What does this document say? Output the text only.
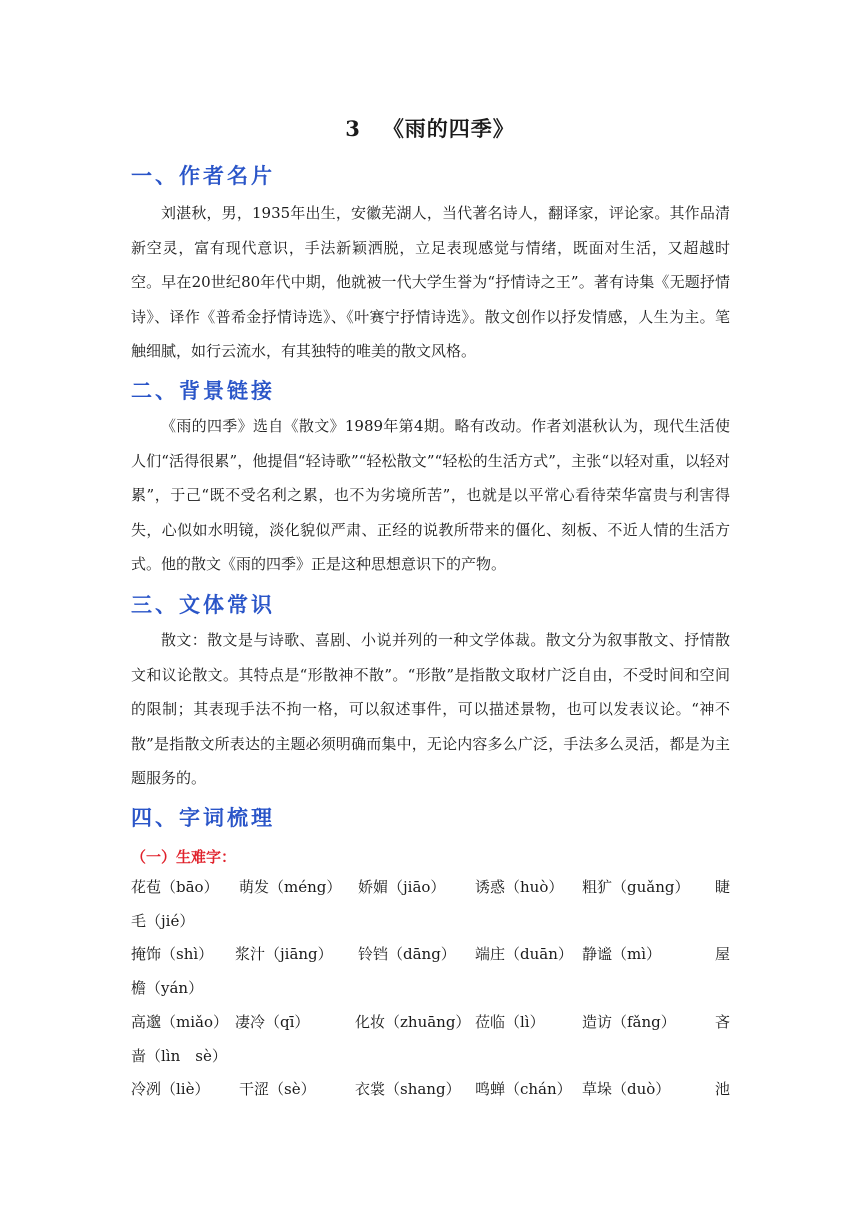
3 《雨的四季》
一、作者名片

刘湛秋，男，1935年出生，安徽芜湖人，当代著名诗人，翻译家，评论家。其作品清新空灵，富有现代意识，手法新颖洒脱，立足表现感觉与情绪，既面对生活，又超越时空。早在20世纪80年代中期，他就被一代大学生誉为“抒情诗之王”。著有诗集《无题抒情诗》、译作《普希金抒情诗选》、《叶赛宁抒情诗选》。散文创作以抒发情感，人生为主。笔触细腻，如行云流水，有其独特的唯美的散文风格。

二、背景链接

《雨的四季》选自《散文》1989年第4期。略有改动。作者刘湛秋认为，现代生活使人们“活得很累”，他提倡“轻诗歌”“轻松散文”“轻松的生活方式”，主张“以轻对重，以轻对累”，于己“既不受名利之累，也不为劣境所苦”，也就是以平常心看待荣华富贵与利害得失，心似如水明镜，淡化貌似严肃、正经的说教所带来的僵化、刻板、不近人情的生活方式。他的散文《雨的四季》正是这种思想意识下的产物。

三、文体常识

散文：散文是与诗歌、喜剧、小说并列的一种文学体裁。散文分为叙事散文、抒情散文和议论散文。其特点是“形散神不散”。“形散”是指散文取材广泛自由，不受时间和空间的限制；其表现手法不拘一格，可以叙述事件，可以描述景物，也可以发表议论。“神不散”是指散文所表达的主题必须明确而集中，无论内容多么广泛，手法多么灵活，都是为主题服务的。

四、字词梳理
（一）生难字：
花苞（bāo） 萌发（méng） 娇媚（jiāo） 诱惑（huò） 粗犷（guǎng） 睫
毛（jié）
掩饰（shì） 浆汁（jiāng） 铃铛（dāng） 端庄（duān） 静谧（mì）	屋
檐（yán）
高邈（miǎo） 凄冷（qī）	化妆（zhuāng） 莅临（lì） 造访（fǎng）	吝
啬（lìn　sè）
冷冽（liè） 干涩（sè）	衣裳（shang） 鸣蝉（chán） 草垛（duò）	池
